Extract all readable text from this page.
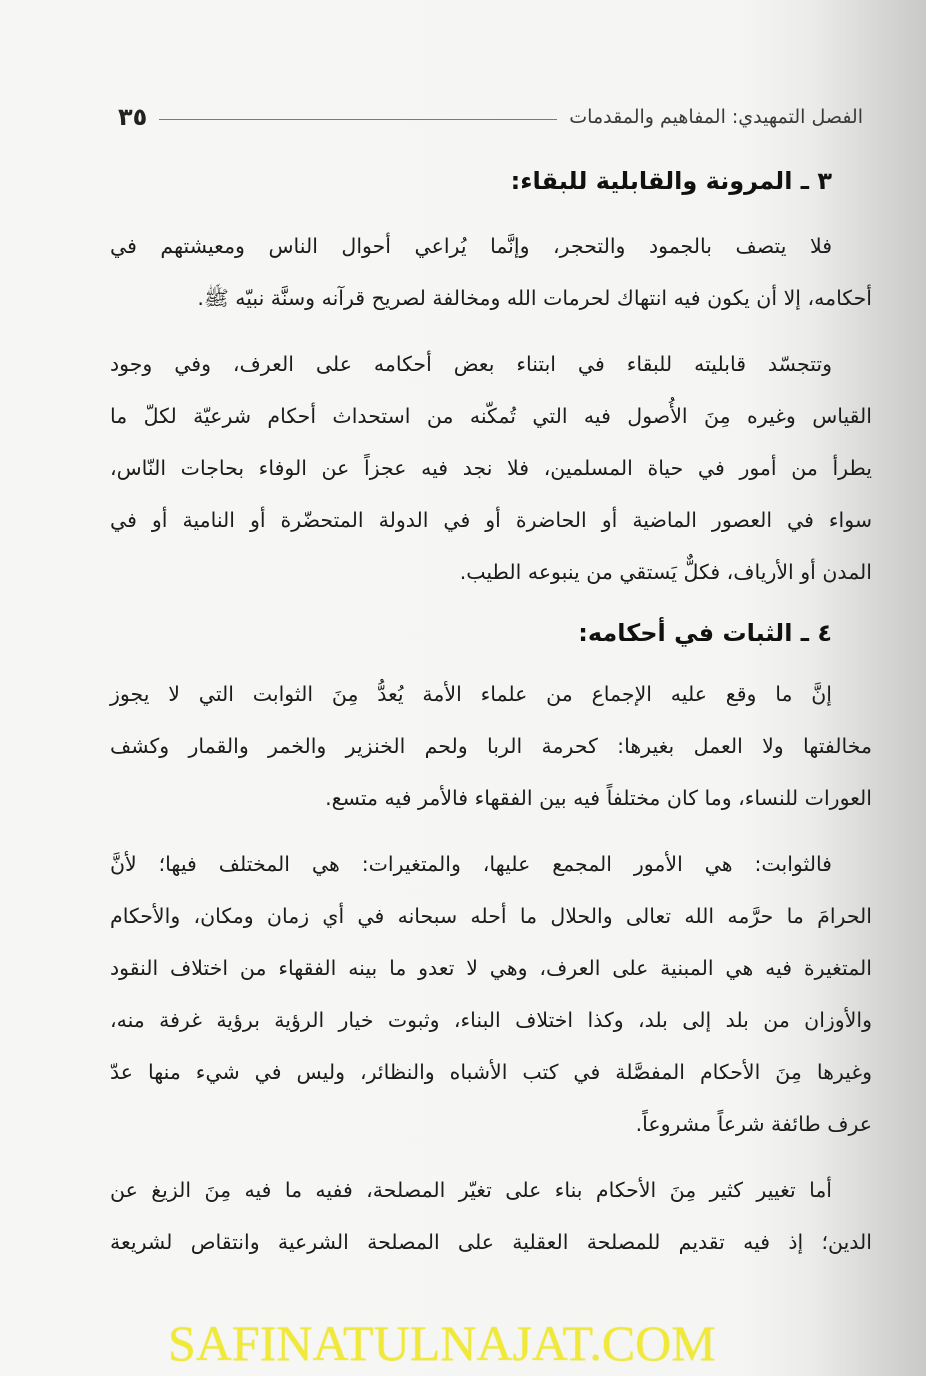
الفصل التمهيدي: المفاهيم والمقدمات
٣٥
٣ ـ المرونة والقابلية للبقاء:

فلا يتصف بالجمود والتحجر، وإنَّما يُراعي أحوال الناس ومعيشتهم في
أحكامه، إلا أن يكون فيه انتهاك لحرمات الله ومخالفة لصريح قرآنه وسنَّة نبيّه ﷺ.

وتتجسّد قابليته للبقاء في ابتناء بعض أحكامه على العرف، وفي وجود
القياس وغيره مِنَ الأُصول فيه التي تُمكّنه من استحداث أحكام شرعيّة لكلّ ما
يطرأ من أمور في حياة المسلمين، فلا نجد فيه عجزاً عن الوفاء بحاجات النّاس،
سواء في العصور الماضية أو الحاضرة أو في الدولة المتحضّرة أو النامية أو في
المدن أو الأرياف، فكلٌّ يَستقي من ينبوعه الطيب.

٤ ـ الثبات في أحكامه:

إنَّ ما وقع عليه الإجماع من علماء الأمة يُعدُّ مِنَ الثوابت التي لا يجوز
مخالفتها ولا العمل بغيرها: كحرمة الربا ولحم الخنزير والخمر والقمار وكشف
العورات للنساء، وما كان مختلفاً فيه بين الفقهاء فالأمر فيه متسع.

فالثوابت: هي الأمور المجمع عليها، والمتغيرات: هي المختلف فيها؛ لأنَّ
الحرامَ ما حرَّمه الله تعالى والحلال ما أحله سبحانه في أي زمان ومكان، والأحكام
المتغيرة فيه هي المبنية على العرف، وهي لا تعدو ما بينه الفقهاء من اختلاف النقود
والأوزان من بلد إلى بلد، وكذا اختلاف البناء، وثبوت خيار الرؤية برؤية غرفة منه،
وغيرها مِنَ الأحكام المفصَّلة في كتب الأشباه والنظائر، وليس في شيء منها عدّ
عرف طائفة شرعاً مشروعاً.

أما تغيير كثير مِنَ الأحكام بناء على تغيّر المصلحة، ففيه ما فيه مِنَ الزيغ عن
الدين؛ إذ فيه تقديم للمصلحة العقلية على المصلحة الشرعية وانتقاص لشريعة

SAFINATULNAJAT.COM
